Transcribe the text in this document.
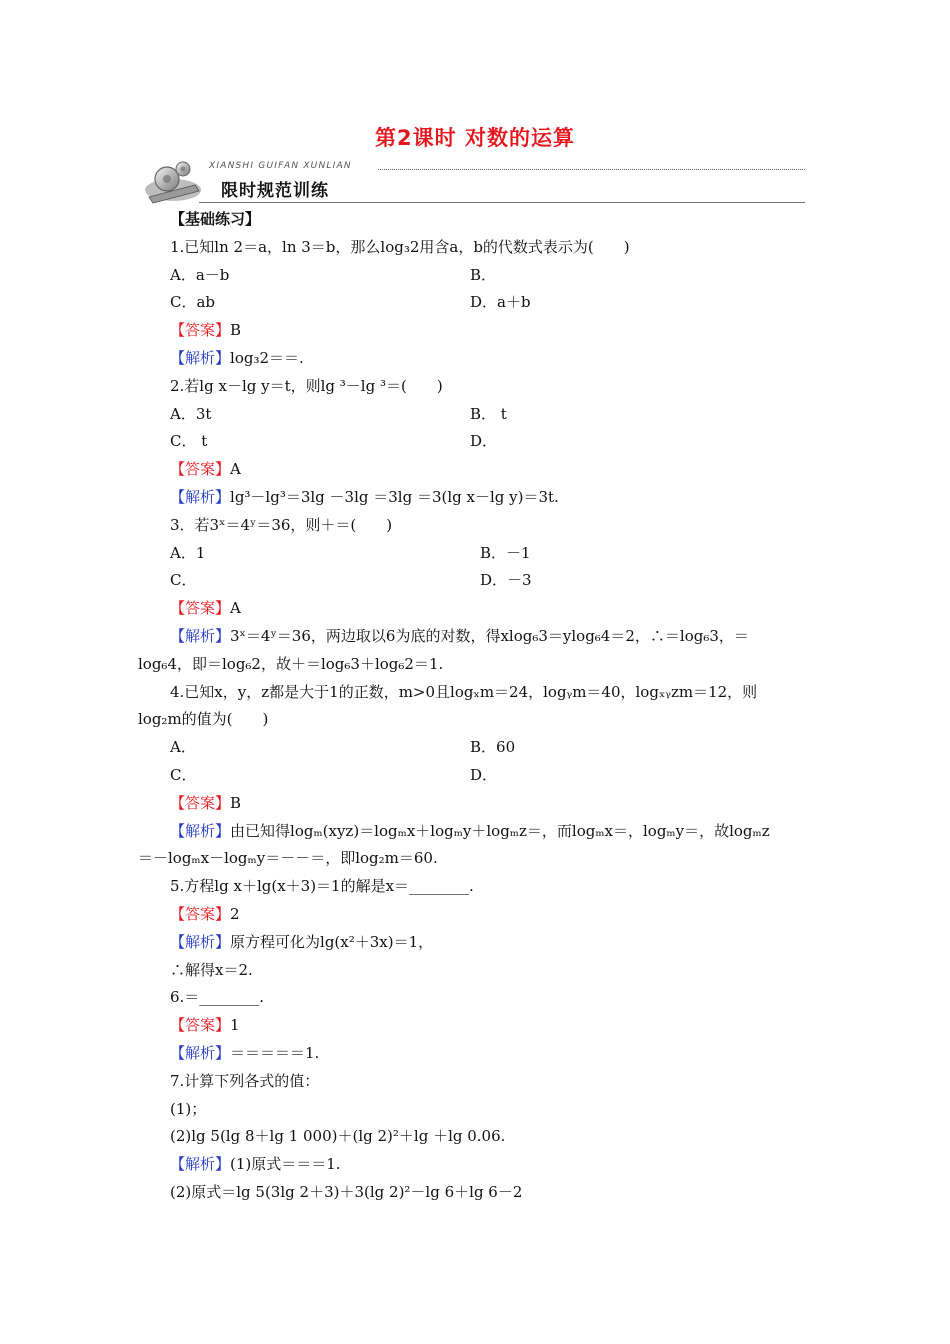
第2课时 对数的运算
XIANSHI GUIFAN XUNLIAN
限时规范训练
【基础练习】
1.已知ln 2＝a，ln 3＝b，那么log₃2用含a，b的代数式表示为(　　)
A．a－b	B．
C．ab	D．a＋b
【答案】B
【解析】log₃2＝＝.
2.若lg x－lg y＝t，则lg ³－lg ³＝(　　)
A．3t	B． t
C． t	D．
【答案】A
【解析】lg³－lg³＝3lg －3lg ＝3lg ＝3(lg x－lg y)＝3t.
3．若3ˣ＝4ʸ＝36，则＋＝(　　)
A．1	B．－1
C．	D．－3
【答案】A
【解析】3ˣ＝4ʸ＝36，两边取以6为底的对数，得xlog₆3＝ylog₆4＝2，∴＝log₆3，＝
log₆4，即＝log₆2，故＋＝log₆3＋log₆2＝1.
4.已知x，y，z都是大于1的正数，m>0且logₓm＝24，logᵧm＝40，logₓᵧzm＝12，则
log₂m的值为(　　)
A．	B．60
C．	D．
【答案】B
【解析】由已知得logₘ(xyz)＝logₘx＋logₘy＋logₘz＝，而logₘx＝，logₘy＝，故logₘz
＝－logₘx－logₘy＝－－＝，即log₂m＝60.
5.方程lg x＋lg(x＋3)＝1的解是x＝________.
【答案】2
【解析】原方程可化为lg(x²＋3x)＝1，
∴解得x＝2.
6.＝________.
【答案】1
【解析】＝＝＝＝＝1.
7.计算下列各式的值：
(1)；
(2)lg 5(lg 8＋lg 1 000)＋(lg 2)²＋lg ＋lg 0.06.
【解析】(1)原式＝＝＝1.
(2)原式＝lg 5(3lg 2＋3)＋3(lg 2)²－lg 6＋lg 6－2
